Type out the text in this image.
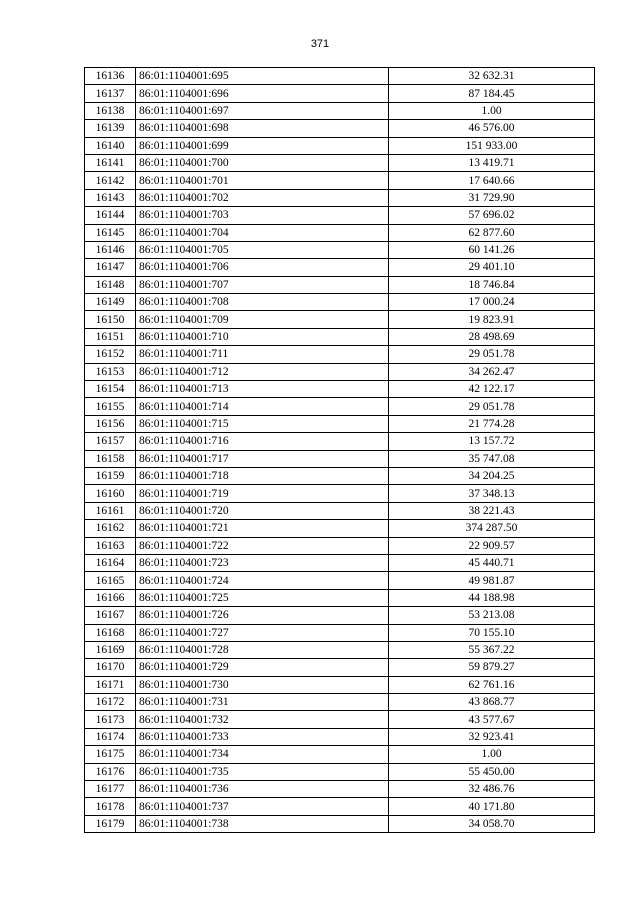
371
16136	86:01:1104001:695	32 632.31
16137	86:01:1104001:696	87 184.45
16138	86:01:1104001:697	1.00
16139	86:01:1104001:698	46 576.00
16140	86:01:1104001:699	151 933.00
16141	86:01:1104001:700	13 419.71
16142	86:01:1104001:701	17 640.66
16143	86:01:1104001:702	31 729.90
16144	86:01:1104001:703	57 696.02
16145	86:01:1104001:704	62 877.60
16146	86:01:1104001:705	60 141.26
16147	86:01:1104001:706	29 401.10
16148	86:01:1104001:707	18 746.84
16149	86:01:1104001:708	17 000.24
16150	86:01:1104001:709	19 823.91
16151	86:01:1104001:710	28 498.69
16152	86:01:1104001:711	29 051.78
16153	86:01:1104001:712	34 262.47
16154	86:01:1104001:713	42 122.17
16155	86:01:1104001:714	29 051.78
16156	86:01:1104001:715	21 774.28
16157	86:01:1104001:716	13 157.72
16158	86:01:1104001:717	35 747.08
16159	86:01:1104001:718	34 204.25
16160	86:01:1104001:719	37 348.13
16161	86:01:1104001:720	38 221.43
16162	86:01:1104001:721	374 287.50
16163	86:01:1104001:722	22 909.57
16164	86:01:1104001:723	45 440.71
16165	86:01:1104001:724	49 981.87
16166	86:01:1104001:725	44 188.98
16167	86:01:1104001:726	53 213.08
16168	86:01:1104001:727	70 155.10
16169	86:01:1104001:728	55 367.22
16170	86:01:1104001:729	59 879.27
16171	86:01:1104001:730	62 761.16
16172	86:01:1104001:731	43 868.77
16173	86:01:1104001:732	43 577.67
16174	86:01:1104001:733	32 923.41
16175	86:01:1104001:734	1.00
16176	86:01:1104001:735	55 450.00
16177	86:01:1104001:736	32 486.76
16178	86:01:1104001:737	40 171.80
16179	86:01:1104001:738	34 058.70
